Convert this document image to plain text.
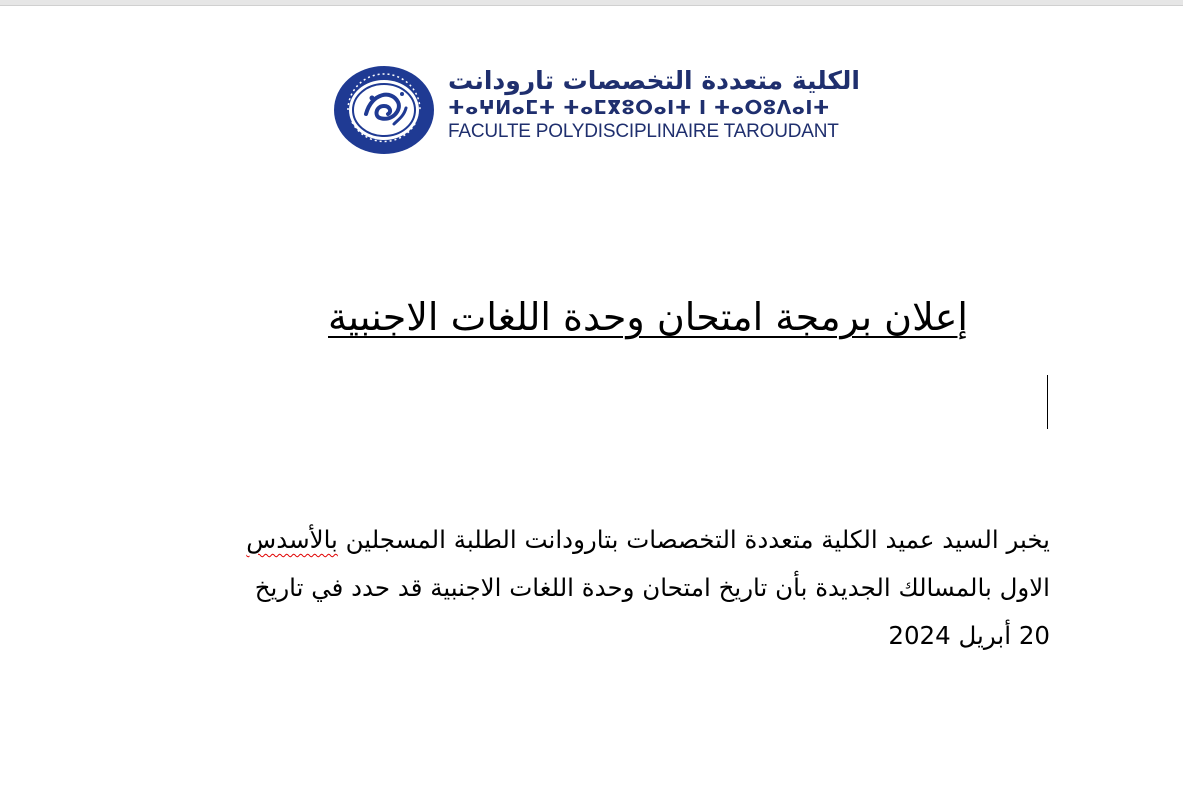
الكلية متعددة التخصصات تارودانت
ⵜⴰⵖⵍⴰⵎⵜ ⵜⴰⵎⴳⵓⵔⴰⵏⵜ ⵏ ⵜⴰⵔⵓⴷⴰⵏⵜ
FACULTE POLYDISCIPLINAIRE TAROUDANT
إعلان برمجة امتحان وحدة اللغات الاجنبية
يخبر السيد عميد الكلية متعددة التخصصات بتارودانت الطلبة المسجلين بالأسدس
الاول بالمسالك الجديدة بأن تاريخ امتحان وحدة اللغات الاجنبية قد حدد في تاريخ
20 أبريل 2024
